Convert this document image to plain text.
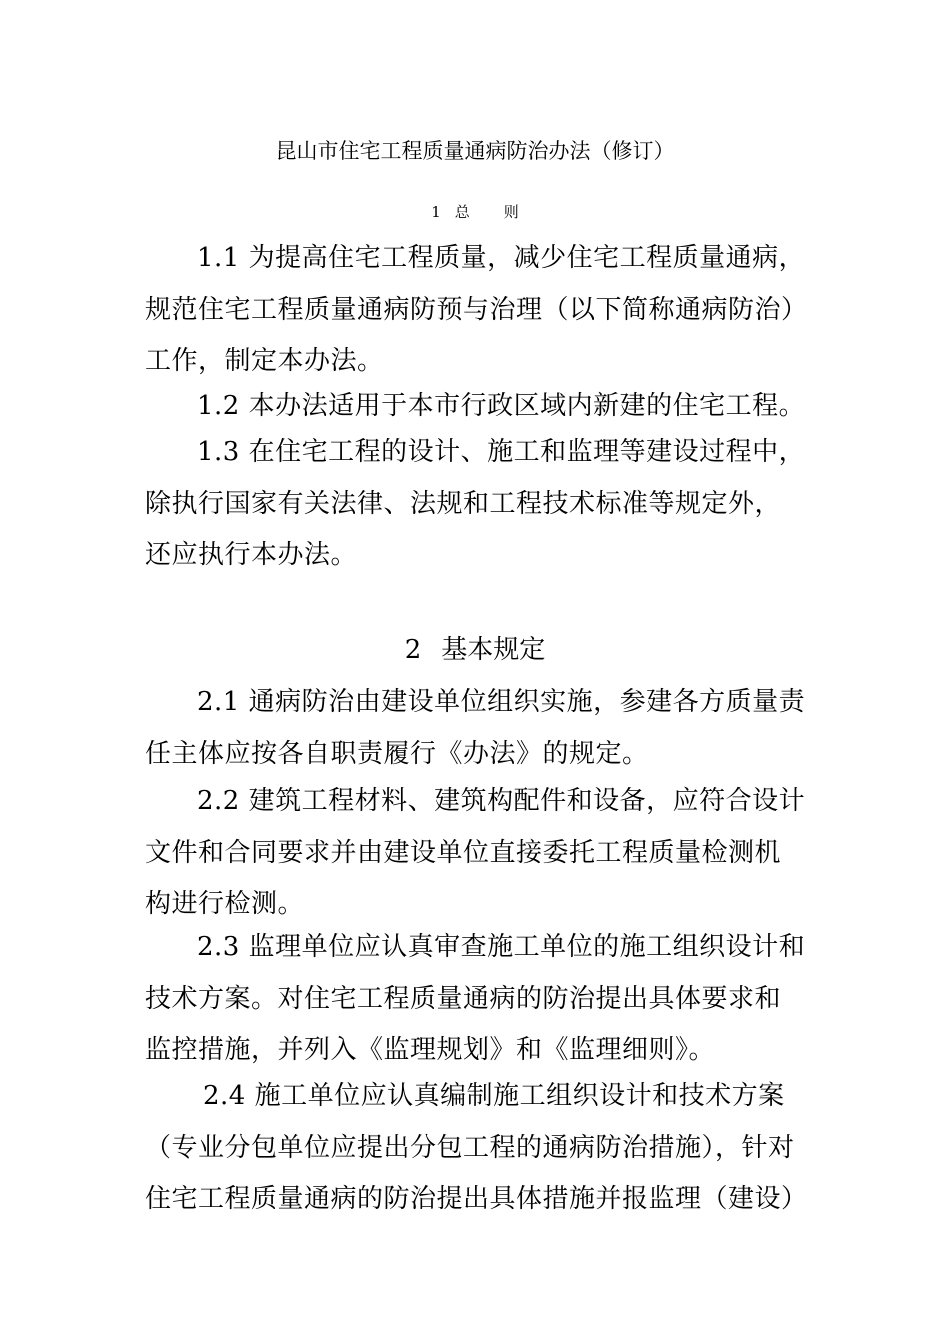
昆山市住宅工程质量通病防治办法（修订）
1 总 则

1.1 为提高住宅工程质量，减少住宅工程质量通病，规范住宅工程质量通病防预与治理（以下简称通病防治）工作，制定本办法。

1.2 本办法适用于本市行政区域内新建的住宅工程。

1.3 在住宅工程的设计、施工和监理等建设过程中，除执行国家有关法律、法规和工程技术标准等规定外，还应执行本办法。

2 基本规定

2.1 通病防治由建设单位组织实施，参建各方质量责任主体应按各自职责履行《办法》的规定。

2.2 建筑工程材料、建筑构配件和设备，应符合设计文件和合同要求并由建设单位直接委托工程质量检测机构进行检测。

2.3 监理单位应认真审查施工单位的施工组织设计和技术方案。对住宅工程质量通病的防治提出具体要求和监控措施，并列入《监理规划》和《监理细则》。

2.4 施工单位应认真编制施工组织设计和技术方案（专业分包单位应提出分包工程的通病防治措施），针对住宅工程质量通病的防治提出具体措施并报监理（建设）
